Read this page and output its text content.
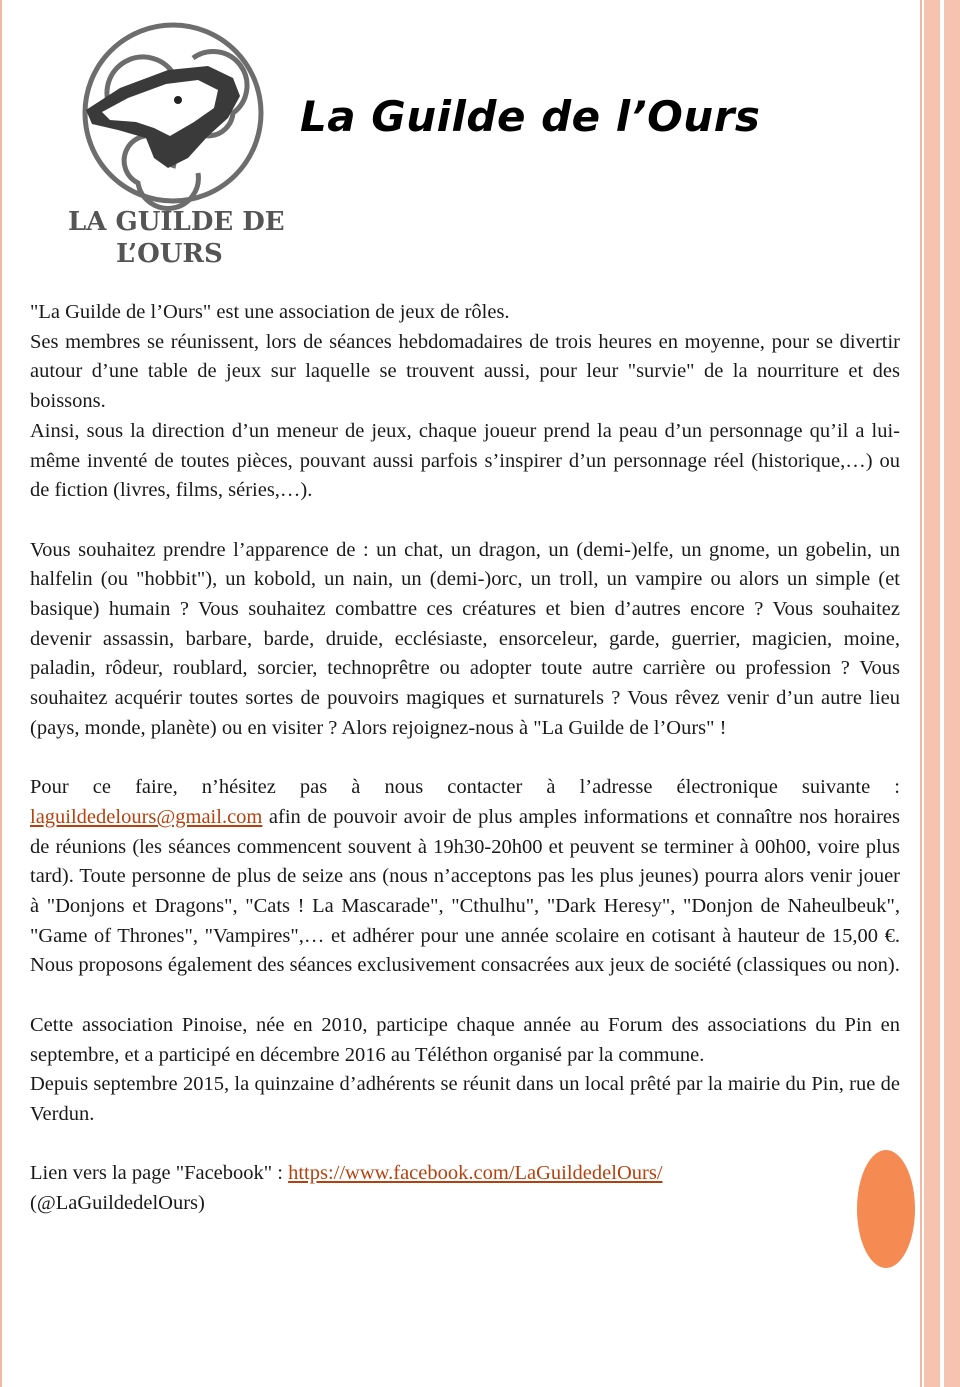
LA GUILDE DE
L’OURS
La Guilde de l’Ours

"La Guilde de l’Ours" est une association de jeux de rôles.

Ses membres se réunissent, lors de séances hebdomadaires de trois heures en moyenne, pour se divertir autour d’une table de jeux sur laquelle se trouvent aussi, pour leur "survie" de la nourriture et des boissons.

Ainsi, sous la direction d’un meneur de jeux, chaque joueur prend la peau d’un personnage qu’il a lui-même inventé de toutes pièces, pouvant aussi parfois s’inspirer d’un personnage réel (historique,…) ou de fiction (livres, films, séries,…).

Vous souhaitez prendre l’apparence de : un chat, un dragon, un (demi-)elfe, un gnome, un gobelin, un halfelin (ou "hobbit"), un kobold, un nain, un (demi-)orc, un troll, un vampire ou alors un simple (et basique) humain ? Vous souhaitez combattre ces créatures et bien d’autres encore ? Vous souhaitez devenir assassin, barbare, barde, druide, ecclésiaste, ensorceleur, garde, guerrier, magicien, moine, paladin, rôdeur, roublard, sorcier, technoprêtre ou adopter toute autre carrière ou profession ? Vous souhaitez acquérir toutes sortes de pouvoirs magiques et surnaturels ? Vous rêvez venir d’un autre lieu (pays, monde, planète) ou en visiter ? Alors rejoignez-nous à "La Guilde de l’Ours" !

Pour ce faire, n’hésitez pas à nous contacter à l’adresse électronique suivante : laguildedelours@gmail.com afin de pouvoir avoir de plus amples informations et connaître nos horaires de réunions (les séances commencent souvent à 19h30-20h00 et peuvent se terminer à 00h00, voire plus tard). Toute personne de plus de seize ans (nous n’acceptons pas les plus jeunes) pourra alors venir jouer à "Donjons et Dragons", "Cats ! La Mascarade", "Cthulhu", "Dark Heresy", "Donjon de Naheulbeuk", "Game of Thrones", "Vampires",… et adhérer pour une année scolaire en cotisant à hauteur de 15,00 €. Nous proposons également des séances exclusivement consacrées aux jeux de société (classiques ou non).

Cette association Pinoise, née en 2010, participe chaque année au Forum des associations du Pin en septembre, et a participé en décembre 2016 au Téléthon organisé par la commune.

Depuis septembre 2015, la quinzaine d’adhérents se réunit dans un local prêté par la mairie du Pin, rue de Verdun.

Lien vers la page "Facebook" : https://www.facebook.com/LaGuildedelOurs/
(@LaGuildedelOurs)
